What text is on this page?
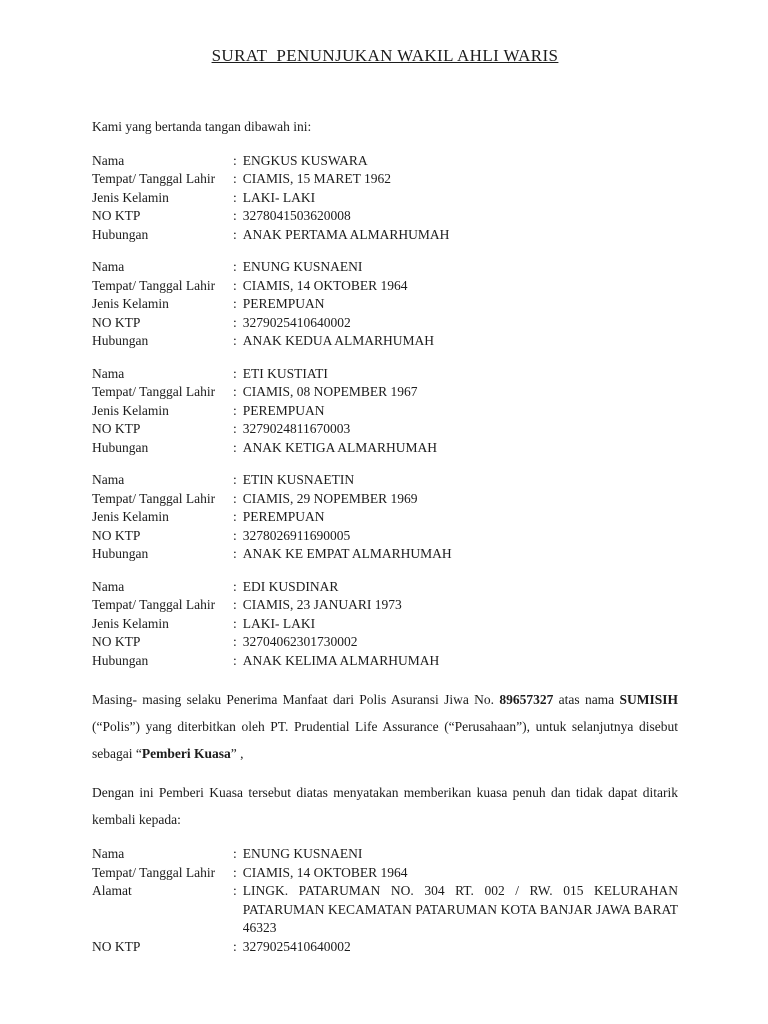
SURAT  PENUNJUKAN WAKIL AHLI WARIS
Kami yang bertanda tangan dibawah ini:
Nama	: ENGKUS KUSWARA
Tempat/ Tanggal Lahir	: CIAMIS, 15 MARET 1962
Jenis Kelamin	: LAKI- LAKI
NO KTP	: 3278041503620008
Hubungan	: ANAK PERTAMA ALMARHUMAH
Nama	: ENUNG KUSNAENI
Tempat/ Tanggal Lahir	: CIAMIS, 14 OKTOBER 1964
Jenis Kelamin	: PEREMPUAN
NO KTP	: 3279025410640002
Hubungan	: ANAK KEDUA ALMARHUMAH
Nama	: ETI KUSTIATI
Tempat/ Tanggal Lahir	: CIAMIS, 08 NOPEMBER 1967
Jenis Kelamin	: PEREMPUAN
NO KTP	: 3279024811670003
Hubungan	: ANAK KETIGA ALMARHUMAH
Nama	: ETIN KUSNAETIN
Tempat/ Tanggal Lahir	: CIAMIS, 29 NOPEMBER 1969
Jenis Kelamin	: PEREMPUAN
NO KTP	: 3278026911690005
Hubungan	: ANAK KE EMPAT ALMARHUMAH
Nama	: EDI KUSDINAR
Tempat/ Tanggal Lahir	: CIAMIS, 23 JANUARI 1973
Jenis Kelamin	: LAKI- LAKI
NO KTP	: 32704062301730002
Hubungan	: ANAK KELIMA ALMARHUMAH
Masing- masing selaku Penerima Manfaat dari Polis Asuransi Jiwa No. 89657327 atas nama SUMISIH (“Polis”) yang diterbitkan oleh PT. Prudential Life Assurance (“Perusahaan”), untuk selanjutnya disebut sebagai “Pemberi Kuasa” ,
Dengan ini Pemberi Kuasa tersebut diatas menyatakan memberikan kuasa penuh dan tidak dapat ditarik kembali kepada:
Nama	: ENUNG KUSNAENI
Tempat/ Tanggal Lahir	: CIAMIS, 14 OKTOBER 1964
Alamat	: LINGK. PATARUMAN NO. 304 RT. 002 / RW. 015 KELURAHAN PATARUMAN KECAMATAN PATARUMAN KOTA BANJAR JAWA BARAT 46323
NO KTP	: 3279025410640002
